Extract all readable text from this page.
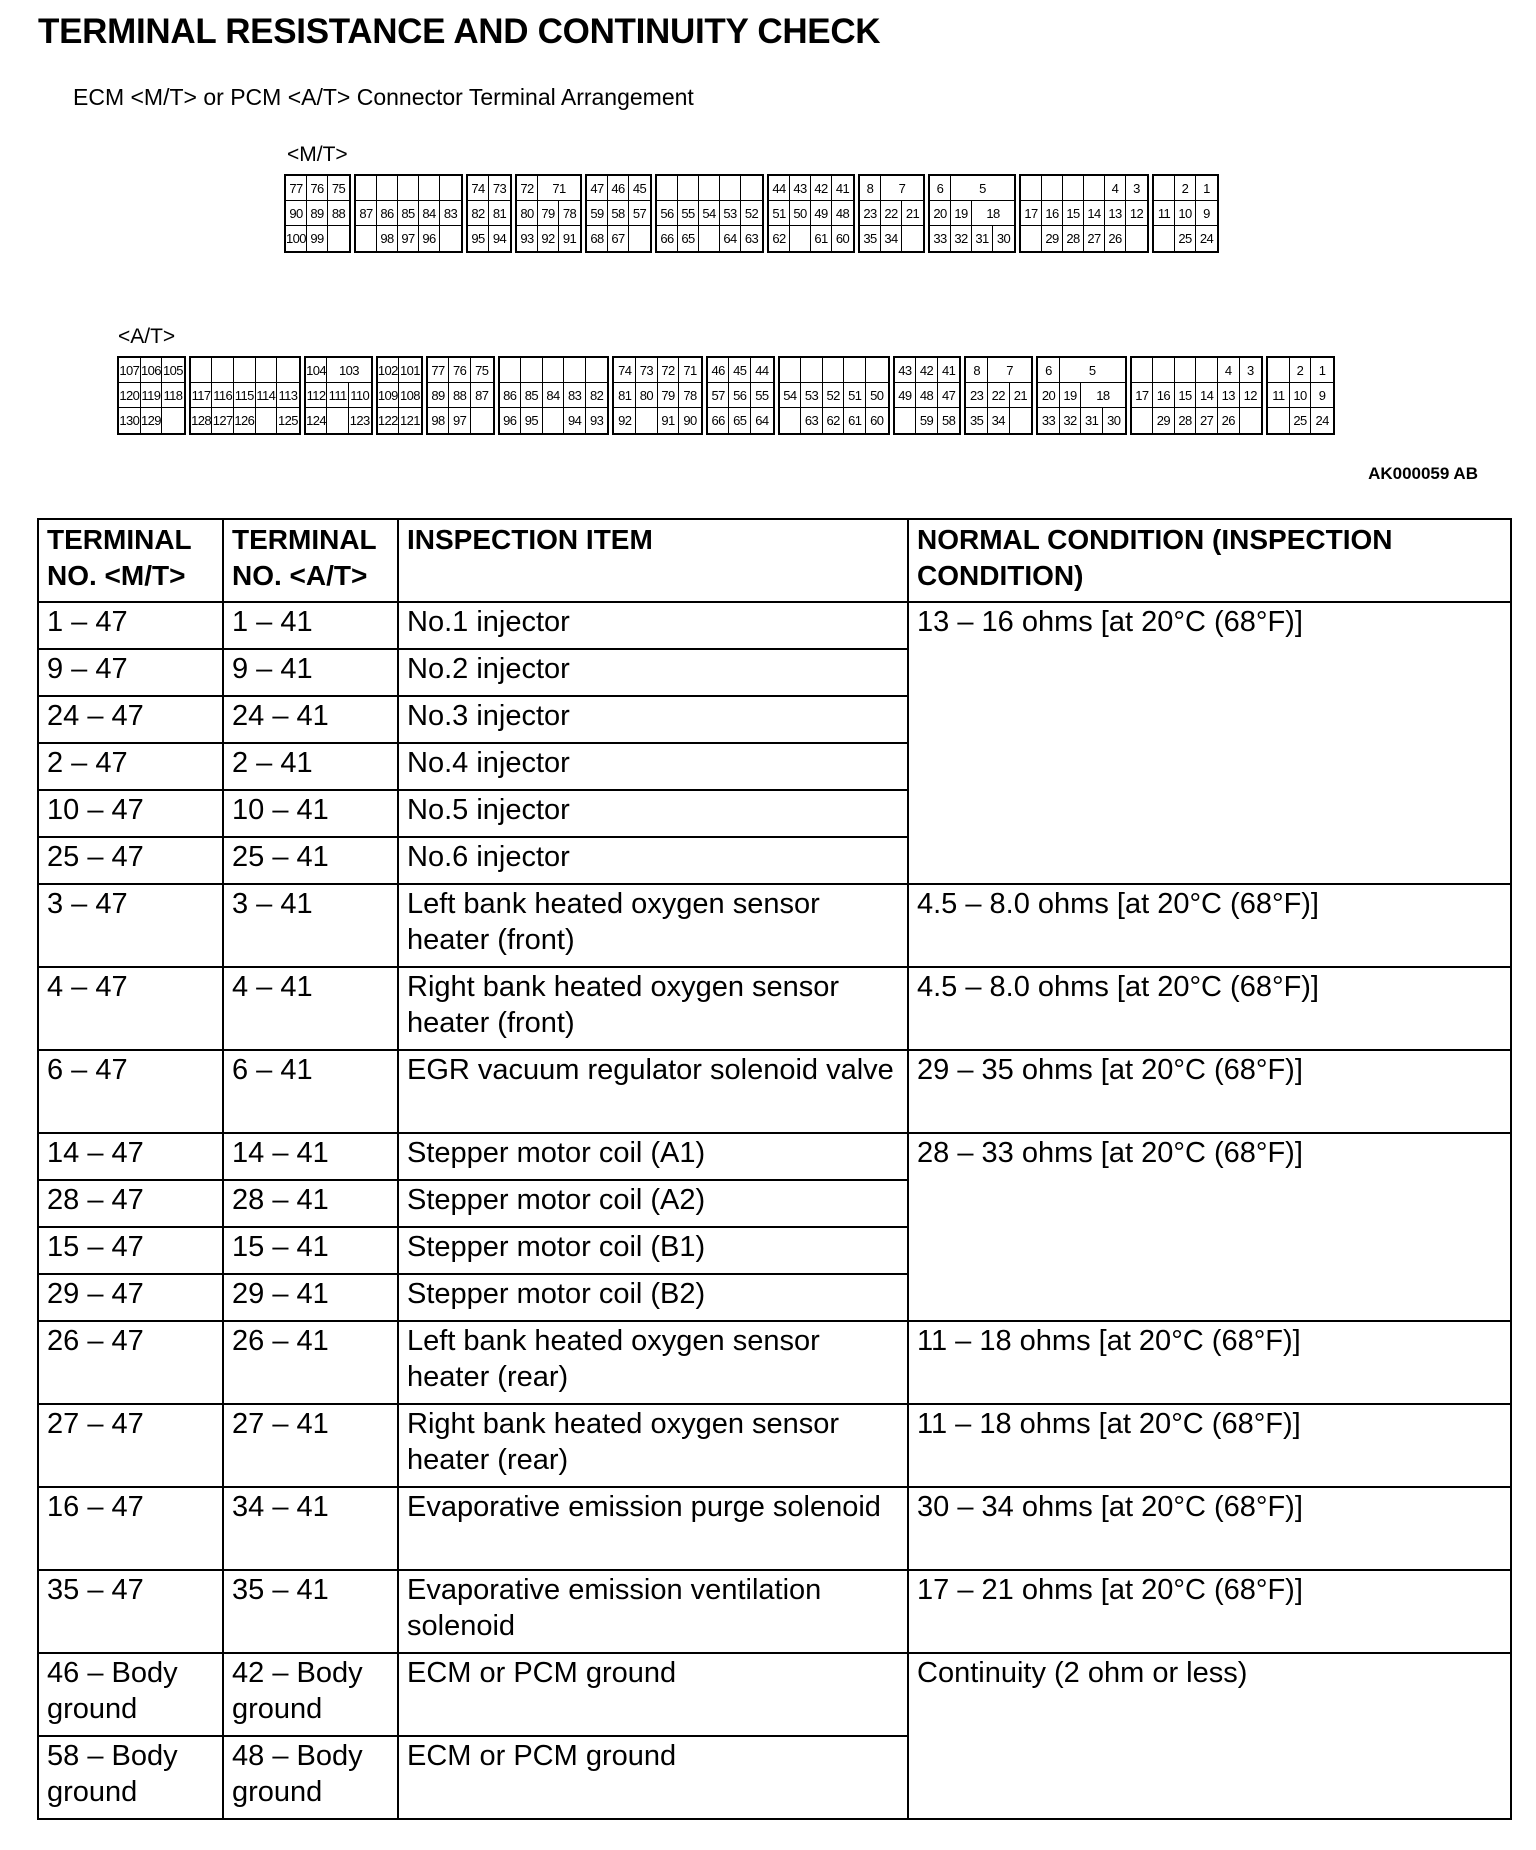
TERMINAL RESISTANCE AND CONTINUITY CHECK
ECM <M/T> or PCM <A/T> Connector Terminal Arrangement
<M/T>
77 76 75
90 89 88
100 99
87 86 85 84 83
98 97 96
74 73
82 81
95 94
72	71
80 79 78
93 92 91
47 46 45
59 58 57
68 67
56 55 54 53 52
66 65	64 63
44 43 42 41
51 50 49 48
62	61 60
8	7
23 22 21
35 34
6	5
20 19	18
33 32 31 30
4	3
17 16 15 14 13 12
29 28 27 26
2	1
11 10 9
25 24
<A/T>
107 106 105
120 119 118
130 129
117 116 115 114 113
128 127 126 125
104	103
112 111 110
124 123
102 101
109 108
122 121
77 76 75
89 88 87
98 97
86 85 84 83 82
96 95	94 93
74 73 72 71
81 80 79 78
92	91 90
46 45 44
57 56 55
66 65 64
54 53 52 51 50
63 62 61 60
43 42 41
49 48 47
59 58
8	7
23 22 21
35 34
6	5
20 19	18
33 32 31 30
4	3
17 16 15 14 13 12
29 28 27 26
2	1
11 10 9
25 24
AK000059 AB
TERMINAL NO. <M/T>	TERMINAL NO. <A/T>	INSPECTION ITEM	NORMAL CONDITION (INSPECTION CONDITION)
1 – 47	1 – 41	No.1 injector	13 – 16 ohms [at 20°C (68°F)]
9 – 47	9 – 41	No.2 injector	
24 – 47	24 – 41	No.3 injector	
2 – 47	2 – 41	No.4 injector	
10 – 47	10 – 41	No.5 injector	
25 – 47	25 – 41	No.6 injector	
3 – 47	3 – 41	Left bank heated oxygen sensor heater (front)	4.5 – 8.0 ohms [at 20°C (68°F)]
4 – 47	4 – 41	Right bank heated oxygen sensor heater (front)	4.5 – 8.0 ohms [at 20°C (68°F)]
6 – 47	6 – 41	EGR vacuum regulator solenoid valve	29 – 35 ohms [at 20°C (68°F)]
14 – 47	14 – 41	Stepper motor coil (A1)	28 – 33 ohms [at 20°C (68°F)]
28 – 47	28 – 41	Stepper motor coil (A2)	
15 – 47	15 – 41	Stepper motor coil (B1)	
29 – 47	29 – 41	Stepper motor coil (B2)	
26 – 47	26 – 41	Left bank heated oxygen sensor heater (rear)	11 – 18 ohms [at 20°C (68°F)]
27 – 47	27 – 41	Right bank heated oxygen sensor heater (rear)	11 – 18 ohms [at 20°C (68°F)]
16 – 47	34 – 41	Evaporative emission purge solenoid	30 – 34 ohms [at 20°C (68°F)]
35 – 47	35 – 41	Evaporative emission ventilation solenoid	17 – 21 ohms [at 20°C (68°F)]
46 – Body ground	42 – Body ground	ECM or PCM ground	Continuity (2 ohm or less)
58 – Body ground	48 – Body ground	ECM or PCM ground	
